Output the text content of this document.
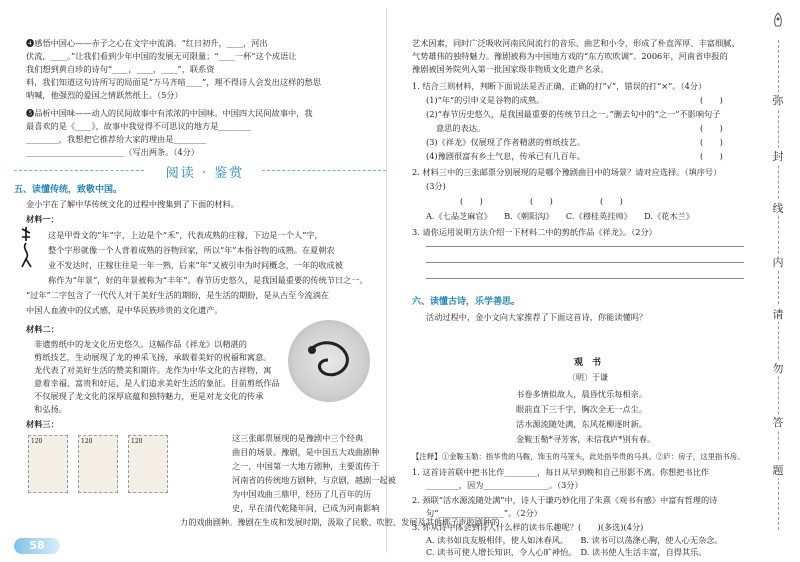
阅读 · 鉴赏
五、读懂传统，致敬中国。
金小宇在了解中华传统文化的过程中搜集到了下面的材料。
材料一：
材料二：
材料三：
120	120	120
58
观　书
〔明〕于谦
弥
封
线
内
请
勿
答
题
❹感悟中国心——赤子之心在文字中流淌。“红日初升，____，河出
伏流，____。”让我们看到少年中国的发展无可限量；“____一杯”这个成语让
我们想到黄自珍的诗句“____，____，____”，联系资
料，我们知道这句诗所写的局面是“万马齐喑____”，理不得诗人会发出这样的愁思
呐喊，他强烈的爱国之情跃然纸上。（5分）
❺品析中国味——动人的民间故事中有浓浓的中国味。中国四大民间故事中，我
最喜欢的是《____》，故事中我觉得不可思议的地方是________
________，我想把它推荐给大家的理由是________
________________________（写出两条。（4分）
这是甲骨文的“年”字，上边是个“禾”，代表成熟的庄稼，下边是一个人“字，
整个字形就像一个人背着成熟的谷物回家，所以“年”本指谷物的成熟。在夏朝农
业不发达时，庄稼往往是一年一熟，后来“年”又被引申为时间概念，一年的收成被
称作为“年景”，好的年景被称为“丰年”。春节历史悠久，是我国最重要的传统节日之一。
“过年”二字包含了一代代人对于美好生活的期盼，是生活的期盼，是从古至今流淌在
中国人血液中的仪式感，是中华民族珍贵的文化遗产。
非遗剪纸中的龙文化历史悠久。这幅作品《祥龙》以精湛的
剪纸技艺，生动展现了龙的神采飞扬，承载着美好的祝福和寓意。
龙代表了对美好生活的赞美和期许。龙作为中华文化的吉祥物，寓
意着幸福、富贵和好运，是人们追求美好生活的象征。目前剪纸作品
不仅展现了龙文化的深厚底蕴和独特魅力，更是对龙文化的传承
和弘扬。
这三张邮票展现的是豫剧中三个经典
曲目的场景。豫剧，是中国五大戏曲剧种
之一，中国第一大地方剧种，主要流传于
河南省的传统地方剧种，与京剧，越剧一起被
为中国戏曲三鼎甲，经历了几百年的历
史，早在清代乾隆年间，已成为河南影响
力的戏曲剧种。豫剧在生成和发展时期，汲取了民歌、吹腔、发展及其他梆子声腔剧种的
艺术因素，同时广泛吸收河南民间流行的音乐、曲艺和小令，形成了朴直浑厚、丰富细腻、
气势雄伟的独特魅力。豫剧被称为中国地方戏的“东方吹吹调”。2006年，河南省申报的
豫剧被国务院列入第一批国家级非物质文化遗产名录。
1. 结合三则材料，判断下面说法是否正确，正确的打“√”，错误的打“×”。（4分）
(1)“年”的引申义是谷物的成熟。	(　　)
(2)“春节历史悠久，是我国最重要的传统节日之一。”删去句中的“之一”不影响句子
意思的表达。	(　　)
(3)《祥龙》仅展现了作者精湛的剪纸技艺。	(　　)
(4)豫剧很富有乡土气息，传承已有几百年。	(　　)
2. 材料三中的三张邮票分别展现的是哪个豫剧曲目中的场景？请对应选择。（填序号）
(3分)
(　　)	(　　)	(　　)
A.《七品芝麻官》　　B.《朝阳沟》　　C.《穆桂英挂帅》　　D.《花木兰》
3. 请你运用说明方法介绍一下材料二中的剪纸作品《祥龙》。（2分）
六、读懂古诗，乐学善思。
活动过程中，金小文向大家推荐了下面这首诗，你能读懂吗？
书卷多情似故人，晨昏忧乐每相亲。
眼前直下三千字，胸次全无一点尘。
活水源流随处满，东风花柳逐时新。
金鞍玉勒*寻芳客，未信我庐*别有春。
【注释】①金鞍玉勒：指华贵的马鞍，饰玉的马笼头，此处指华贵的马具。②庐：房子，这里指书房。
1. 这首诗首联中把书比作________，每日从早到晚和自己形影不离。你想把书比作
________，因为________________。（3分）
2. 颈联“活水源流随处满”中，诗人于谦巧妙化用了朱熹《观书有感》中富有哲理的诗
句“________________”。（2分）
3. 你从诗中体会到诗人什么样的读书乐趣呢？(　　)(多选)(4分)
A. 读书如良友般相伴，使人如沐春风。　　B. 读书可以荡涤心胸，使人心无杂念。
C. 读书可使人增长知识，令人心旷神怡。　D. 读书使人生活丰富，自得其乐。
